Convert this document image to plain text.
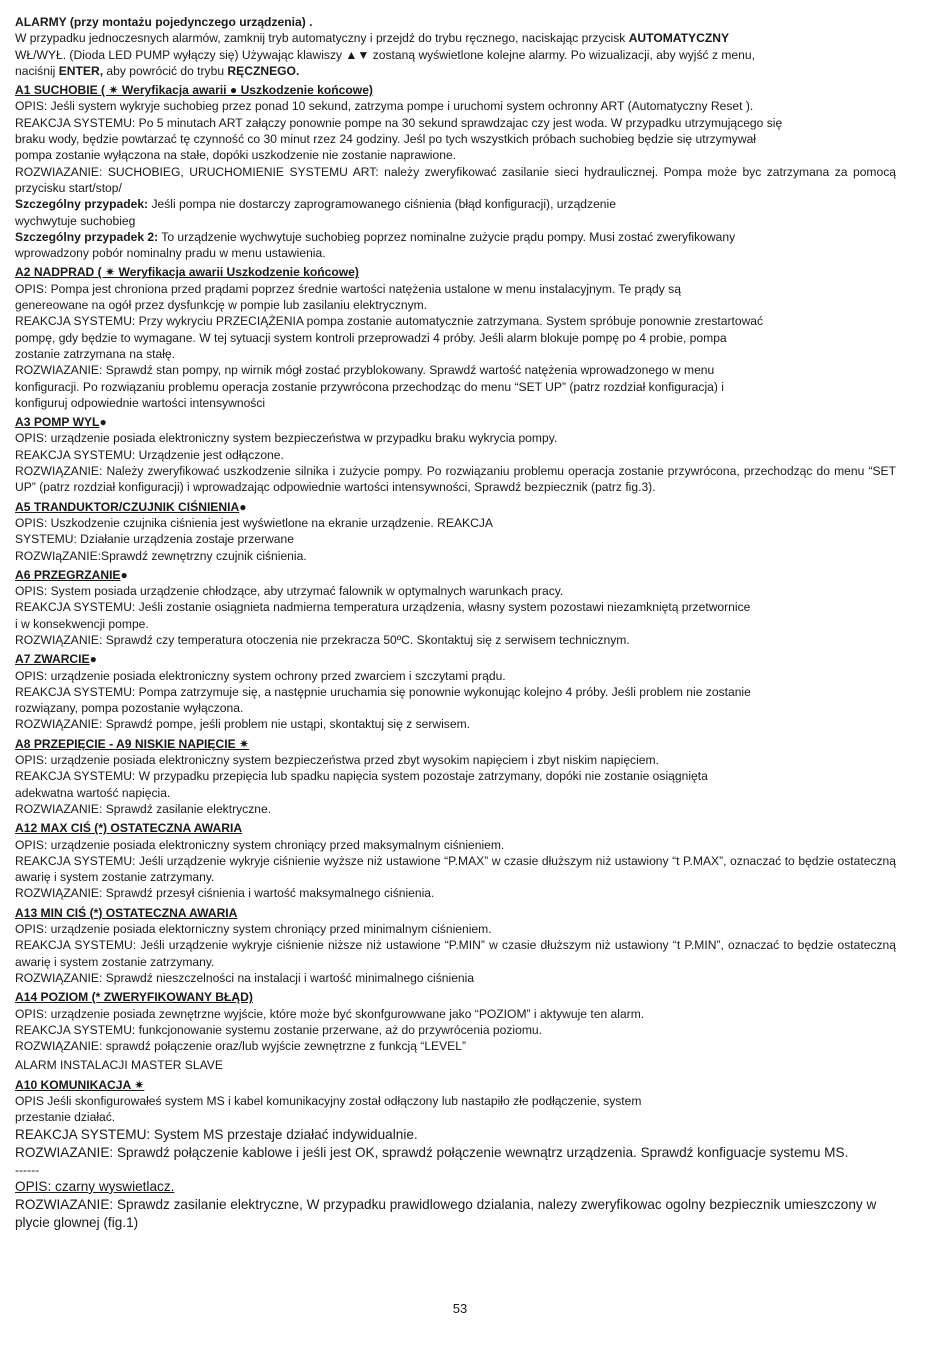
ALARMY (przy montażu pojedynczego urządzenia) .

W przypadku jednoczesnych alarmów, zamknij tryb automatyczny i przejdź do trybu ręcznego, naciskając przycisk AUTOMATYCZNY
WŁ/WYŁ. (Dioda LED PUMP wyłączy się) Używając klawiszy ▲▼ zostaną wyświetlone kolejne alarmy. Po wizualizacji, aby wyjść z menu,
naciśnij ENTER, aby powrócić do trybu RĘCZNEGO.

A1 SUCHOBIE ( ✷ Weryfikacja awarii ● Uszkodzenie końcowe)

OPIS: Jeśli system wykryje suchobieg przez ponad 10 sekund, zatrzyma pompe i uruchomi system ochronny ART (Automatyczny Reset ).

REAKCJA SYSTEMU: Po 5 minutach ART załączy ponownie pompe na 30 sekund sprawdzajac czy jest woda. W przypadku utrzymującego się

braku wody, będzie powtarzać tę czynność co 30 minut rzez 24 godziny. Jeśl po tych wszystkich próbach suchobieg będzie się utrzymywał

pompa zostanie wyłączona na stałe, dopóki uszkodzenie nie zostanie naprawione.

ROZWIAZANIE: SUCHOBIEG, URUCHOMIENIE SYSTEMU ART: należy zweryfikować zasilanie sieci hydraulicznej. Pompa może byc zatrzymana za pomocą przycisku start/stop/

Szczególny przypadek: Jeśli pompa nie dostarczy zaprogramowanego ciśnienia (błąd konfiguracji), urządzenie
wychwytuje suchobieg

Szczególny przypadek 2: To urządzenie wychwytuje suchobieg poprzez nominalne zużycie prądu pompy. Musi zostać zweryfikowany
wprowadzony pobór nominalny pradu w menu ustawienia.

A2 NADPRAD ( ✷ Weryfikacja awarii Uszkodzenie końcowe)

OPIS: Pompa jest chroniona przed prądami poprzez średnie wartości natężenia ustalone w menu instalacyjnym. Te prądy są

genereowane na ogół przez dysfunkcję w pompie lub zasilaniu elektrycznym.

REAKCJA SYSTEMU: Przy wykryciu PRZECIĄŻENIA pompa zostanie automatycznie zatrzymana. System spróbuje ponownie zrestartować

pompę, gdy będzie to wymagane. W tej sytuacji system kontroli przeprowadzi 4 próby. Jeśli alarm blokuje pompę po 4 probie, pompa

zostanie zatrzymana na stałę.

ROZWIAZANIE: Sprawdź stan pompy, np wirnik mógł zostać przyblokowany. Sprawdź wartość natężenia wprowadzonego w menu

konfiguracji. Po rozwiązaniu problemu operacja zostanie przywrócona przechodząc do menu “SET UP” (patrz rozdział konfiguracja) i

konfiguruj odpowiednie wartości intensywności

A3 POMP WYL●

OPIS: urządzenie posiada elektroniczny system bezpieczeństwa w przypadku braku wykrycia pompy.

REAKCJA SYSTEMU: Urządzenie jest odłączone.

ROZWIĄZANIE: Należy zweryfikować uszkodzenie silnika i zużycie pompy. Po rozwiązaniu problemu operacja zostanie przywrócona, przechodząc do menu “SET UP” (patrz rozdział konfiguracji) i wprowadzając odpowiednie wartości intensywności, Sprawdź bezpiecznik (patrz fig.3).

A5 TRANDUKTOR/CZUJNIK CIŚNIENIA●

OPIS: Uszkodzenie czujnika ciśnienia jest wyświetlone na ekranie urządzenie. REAKCJA

SYSTEMU: Działanie urządzenia zostaje przerwane

ROZWIąZANIE:Sprawdź zewnętrzny czujnik ciśnienia.

A6 PRZEGRZANIE●

OPIS: System posiada urządzenie chłodzące, aby utrzymać falownik w optymalnych warunkach pracy.

REAKCJA SYSTEMU: Jeśli zostanie osiągnieta nadmierna temperatura urządzenia, własny system pozostawi niezamkniętą przetwornice

i w konsekwencji pompe.

ROZWIĄZANIE: Sprawdź czy temperatura otoczenia nie przekracza 50ºC. Skontaktuj się z serwisem technicznym.

A7 ZWARCIE●

OPIS: urządzenie posiada elektroniczny system ochrony przed zwarciem i szczytami prądu.

REAKCJA SYSTEMU: Pompa zatrzymuje się, a następnie uruchamia się ponownie wykonując kolejno 4 próby. Jeśli problem nie zostanie

rozwiązany, pompa pozostanie wyłączona.

ROZWIĄZANIE: Sprawdź pompe, jeśli problem nie ustąpi, skontaktuj się z serwisem.

A8 PRZEPIĘCIE - A9 NISKIE NAPIĘCIE ✷

OPIS: urządzenie posiada elektroniczny system bezpieczeństwa przed zbyt wysokim napięciem i zbyt niskim napięciem.

REAKCJA SYSTEMU: W przypadku przepięcia lub spadku napięcia system pozostaje zatrzymany, dopóki nie zostanie osiągnięta

adekwatna wartość napięcia.

ROZWIAZANIE: Sprawdź zasilanie elektryczne.

A12 MAX CIŚ (*) OSTATECZNA AWARIA

OPIS: urządzenie posiada elektroniczny system chroniący przed maksymalnym ciśnieniem.

REAKCJA SYSTEMU: Jeśli urządzenie wykryje ciśnienie wyższe niż ustawione “P.MAX” w czasie dłuższym niż ustawiony “t P.MAX”, oznaczać to będzie ostateczną awarię i system zostanie zatrzymany.

ROZWIĄZANIE: Sprawdź przesył ciśnienia i wartość maksymalnego ciśnienia.

A13 MIN CIŚ (*) OSTATECZNA AWARIA

OPIS: urządzenie posiada elektorniczny system chroniący przed minimalnym ciśnieniem.

REAKCJA SYSTEMU: Jeśli urządzenie wykryje ciśnienie niższe niż ustawione “P.MIN” w czasie dłuższym niż ustawiony “t P.MIN”, oznaczać to będzie ostateczną awarię i system zostanie zatrzymany.

ROZWIĄZANIE: Sprawdź nieszczelności na instalacji i wartość minimalnego ciśnienia

A14 POZIOM (* ZWERYFIKOWANY BŁĄD)

OPIS: urządzenie posiada zewnętrzne wyjście, które może być skonfgurowwane jako “POZIOM” i aktywuje ten alarm.

REAKCJA SYSTEMU: funkcjonowanie systemu zostanie przerwane, aż do przywrócenia poziomu.

ROZWIĄZANIE: sprawdź połączenie oraz/lub wyjście zewnętrzne z funkcją “LEVEL”

ALARM INSTALACJI MASTER SLAVE

A10 KOMUNIKACJA ✷

OPIS Jeśli skonfigurowałeś system MS i kabel komunikacyjny został odłączony lub nastapiło złe podłączenie, system

przestanie działać.

REAKCJA SYSTEMU: System MS przestaje działać indywidualnie.

ROZWIAZANIE: Sprawdź połączenie kablowe i jeśli jest OK, sprawdź połączenie wewnątrz urządzenia. Sprawdź konfiguacje systemu MS.

------

OPIS: czarny wyswietlacz.

ROZWIAZANIE: Sprawdz zasilanie elektryczne, W przypadku prawidlowego dzialania, nalezy zweryfikowac ogolny bezpiecznik umieszczony w plycie glownej (fig.1)

53
